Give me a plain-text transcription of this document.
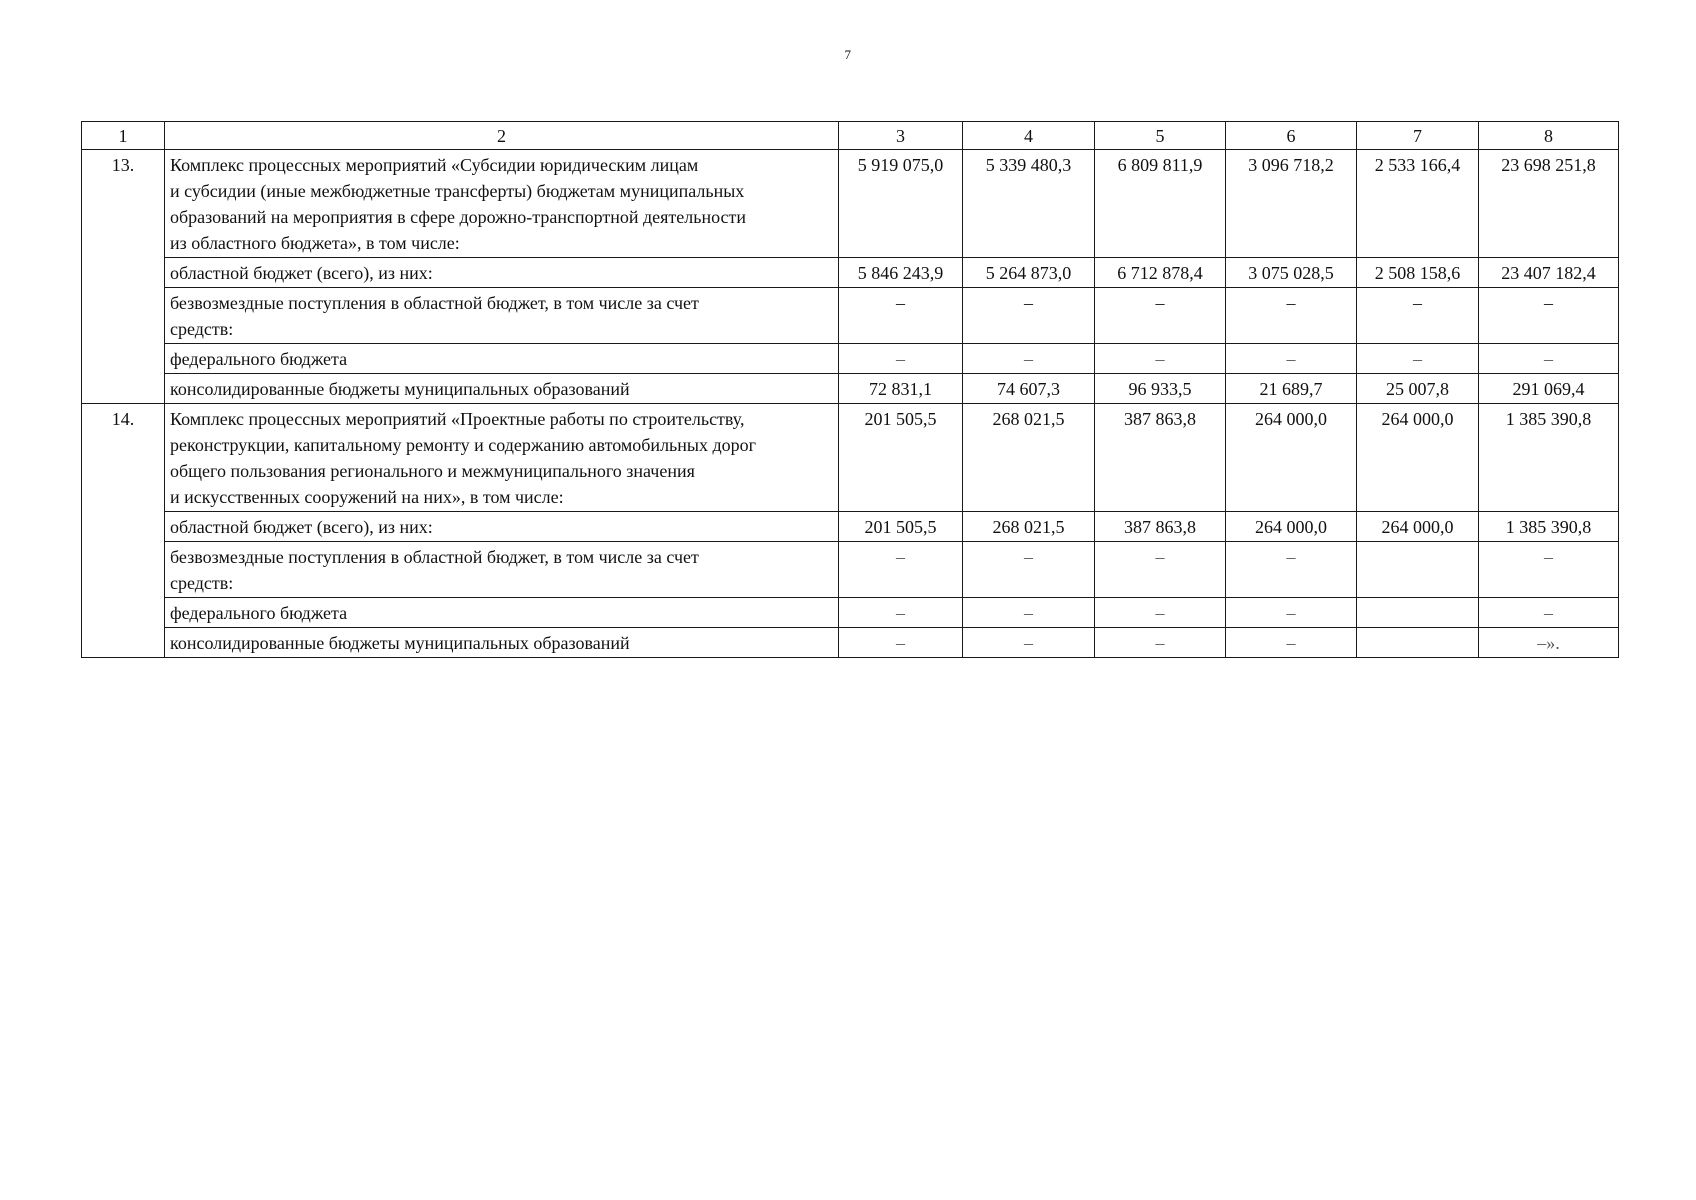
7
1	2	3	4	5	6	7	8
13.	Комплекс процессных мероприятий «Субсидии юридическим лицам
и субсидии (иные межбюджетные трансферты) бюджетам муниципальных
образований на мероприятия в сфере дорожно-транспортной деятельности
из областного бюджета», в том числе:	5 919 075,0	5 339 480,3	6 809 811,9	3 096 718,2	2 533 166,4	23 698 251,8

	областной бюджет (всего), из них:	5 846 243,9	5 264 873,0	6 712 878,4	3 075 028,5	2 508 158,6	23 407 182,4

	безвозмездные поступления в областной бюджет, в том числе за счет
средств:	–	–	–	–	–	–

	федерального бюджета	–	–	–	–	–	–

	консолидированные бюджеты муниципальных образований	72 831,1	74 607,3	96 933,5	21 689,7	25 007,8	291 069,4
14.	Комплекс процессных мероприятий «Проектные работы по строительству,
реконструкции, капитальному ремонту и содержанию автомобильных дорог
общего пользования регионального и межмуниципального значения
и искусственных сооружений на них», в том числе:	201 505,5	268 021,5	387 863,8	264 000,0	264 000,0	1 385 390,8

	областной бюджет (всего), из них:	201 505,5	268 021,5	387 863,8	264 000,0	264 000,0	1 385 390,8

	безвозмездные поступления в областной бюджет, в том числе за счет
средств:	–	–	–	–		–

	федерального бюджета	–	–	–	–		–

	консолидированные бюджеты муниципальных образований	–	–	–	–		–».
